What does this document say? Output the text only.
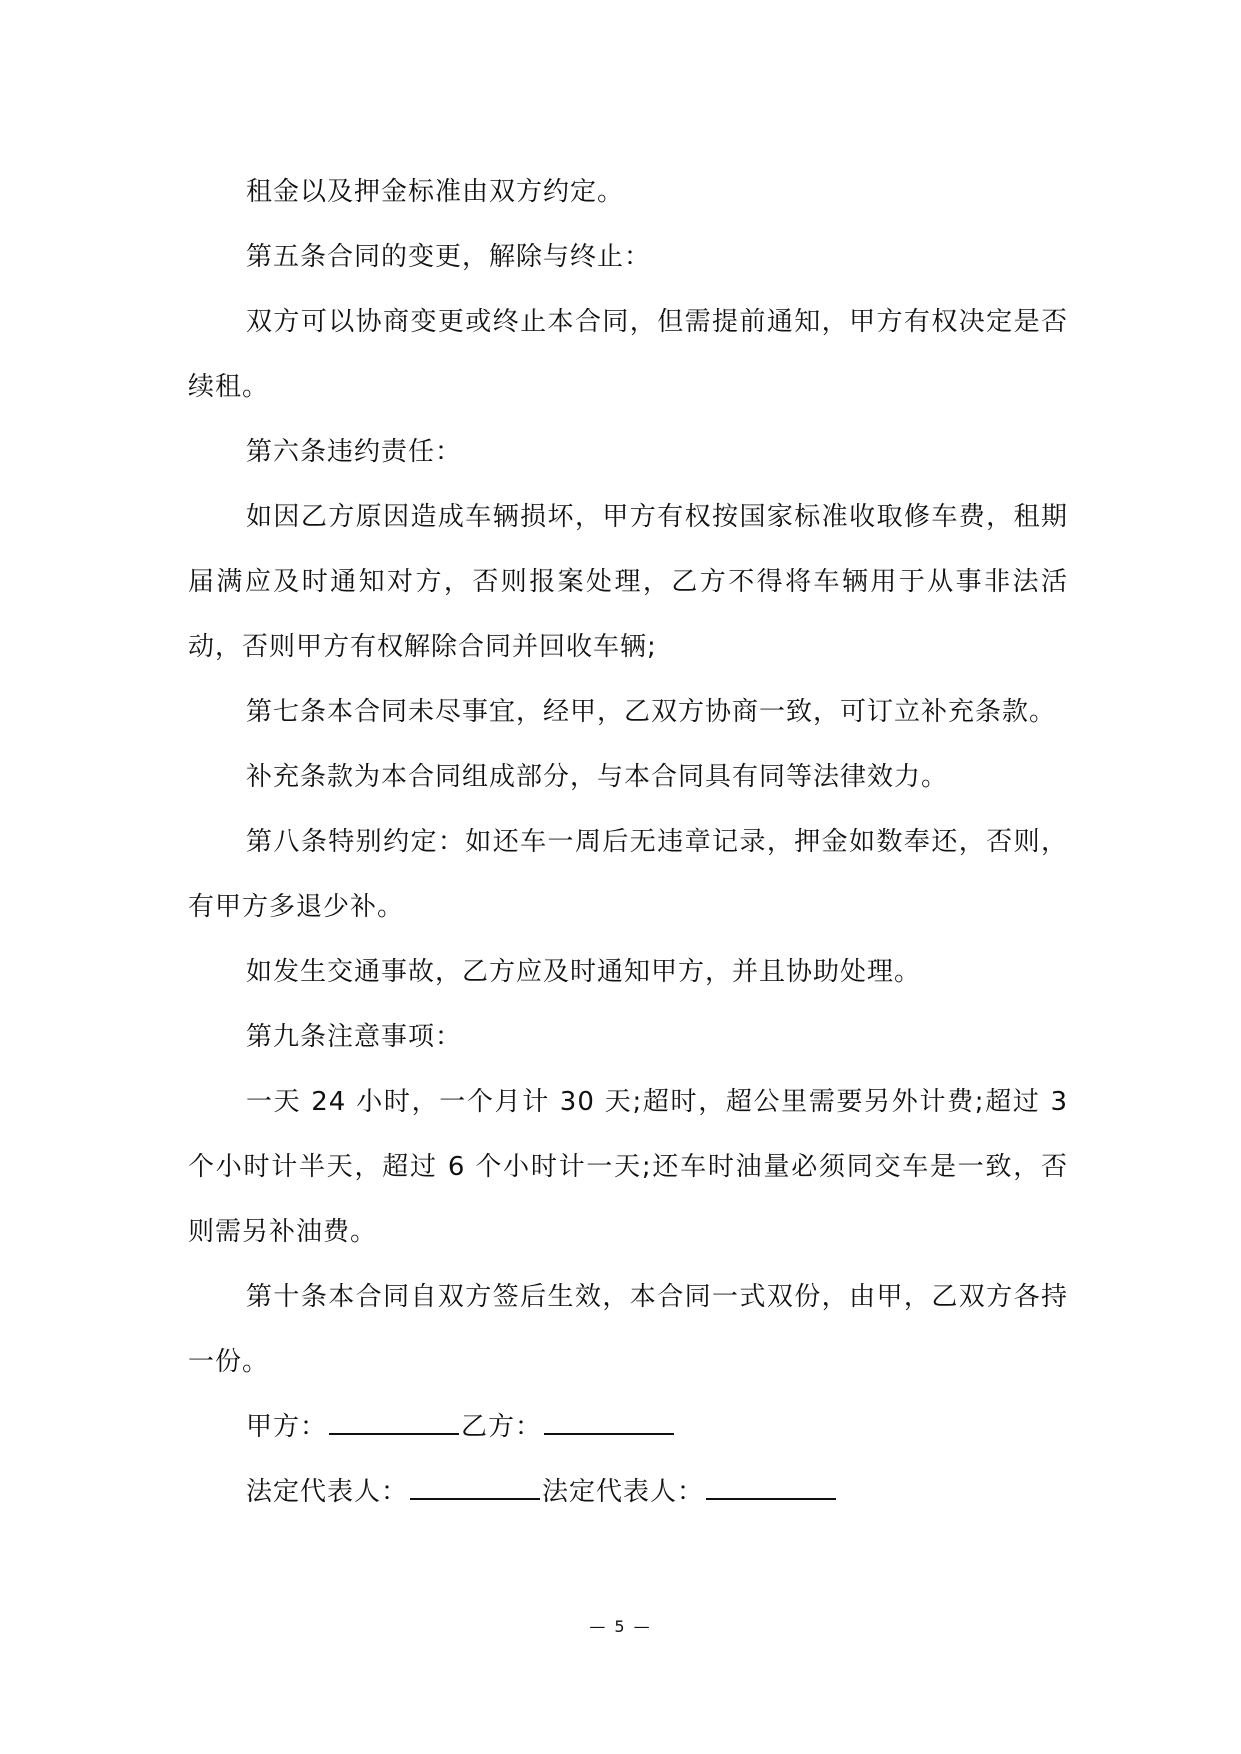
租金以及押金标准由双方约定。

第五条合同的变更，解除与终止：

双方可以协商变更或终止本合同，但需提前通知，甲方有权决定是否续租。

第六条违约责任：

如因乙方原因造成车辆损坏，甲方有权按国家标准收取修车费，租期届满应及时通知对方，否则报案处理，乙方不得将车辆用于从事非法活动，否则甲方有权解除合同并回收车辆;

第七条本合同未尽事宜，经甲，乙双方协商一致，可订立补充条款。

补充条款为本合同组成部分，与本合同具有同等法律效力。

第八条特别约定：如还车一周后无违章记录，押金如数奉还，否则，有甲方多退少补。

如发生交通事故，乙方应及时通知甲方，并且协助处理。

第九条注意事项：

一天 24 小时，一个月计 30 天;超时，超公里需要另外计费;超过 3 个小时计半天，超过 6 个小时计一天;还车时油量必须同交车是一致，否则需另补油费。

第十条本合同自双方签后生效，本合同一式双份，由甲，乙双方各持一份。

甲方：	乙方：

法定代表人：	法定代表人：

— 5 —
